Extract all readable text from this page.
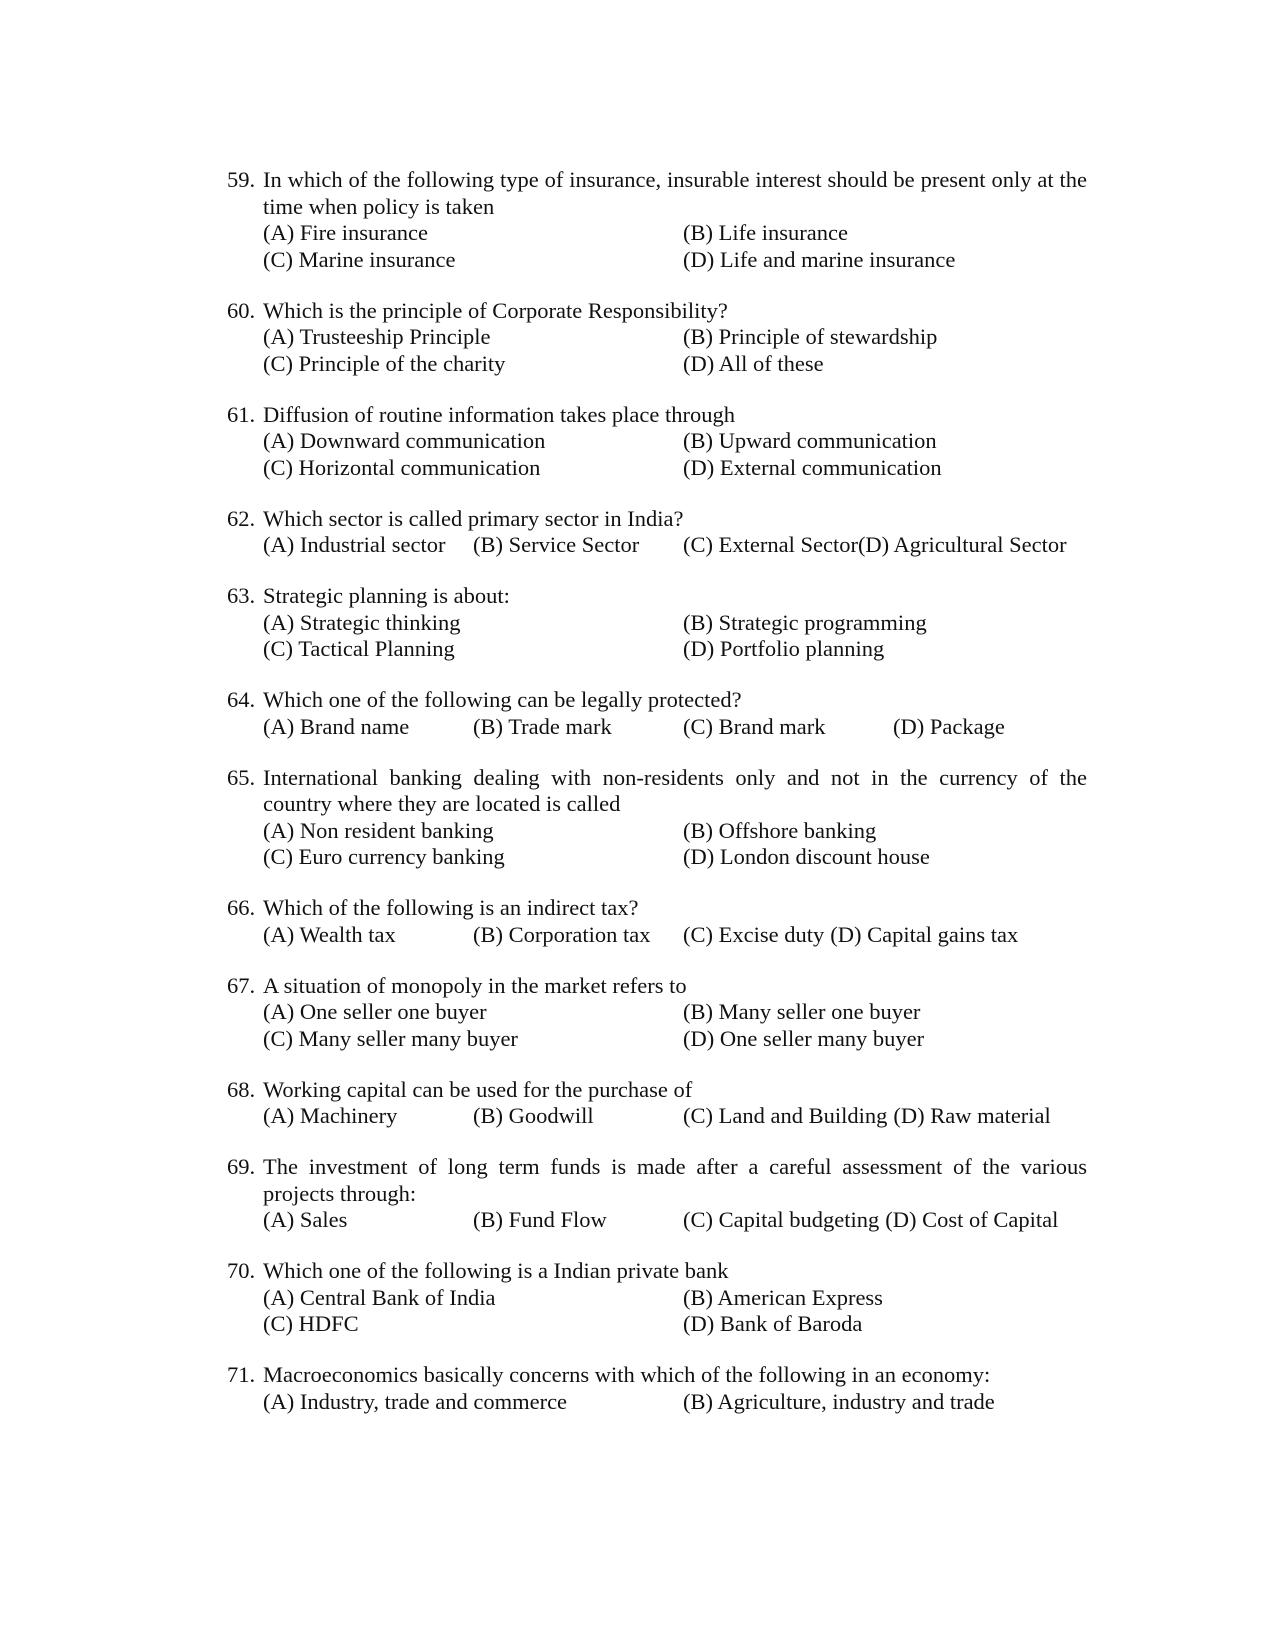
59. In which of the following type of insurance, insurable interest should be present only at the time when policy is taken
(A) Fire insurance	(B) Life insurance
(C) Marine insurance	(D) Life and marine insurance
60. Which is the principle of Corporate Responsibility?
(A) Trusteeship Principle	(B) Principle of stewardship
(C) Principle of the charity	(D) All of these
61. Diffusion of routine information takes place through
(A) Downward communication	(B) Upward communication
(C) Horizontal communication	(D) External communication
62. Which sector is called primary sector in India?
(A) Industrial sector	(B) Service Sector	(C) External Sector (D) Agricultural Sector
63. Strategic planning is about:
(A) Strategic thinking	(B) Strategic programming
(C) Tactical Planning	(D) Portfolio planning
64. Which one of the following can be legally protected?
(A) Brand name	(B) Trade mark	(C) Brand mark	(D) Package
65. International banking dealing with non-residents only and not in the currency of the country where they are located is called
(A) Non resident banking	(B) Offshore banking
(C) Euro currency banking	(D) London discount house
66. Which of the following is an indirect tax?
(A) Wealth tax	(B) Corporation tax	(C) Excise duty (D) Capital gains tax
67. A situation of monopoly in the market refers to
(A) One seller one buyer	(B) Many seller one buyer
(C) Many seller many buyer	(D) One seller many buyer
68. Working capital can be used for the purchase of
(A) Machinery	(B) Goodwill	(C) Land and Building (D) Raw material
69. The investment of long term funds is made after a careful assessment of the various projects through:
(A) Sales	(B) Fund Flow	(C) Capital budgeting (D) Cost of Capital
70. Which one of the following is a Indian private bank
(A) Central Bank of India	(B) American Express
(C) HDFC	(D) Bank of Baroda
71. Macroeconomics basically concerns with which of the following in an economy:
(A) Industry, trade and commerce	(B) Agriculture, industry and trade
